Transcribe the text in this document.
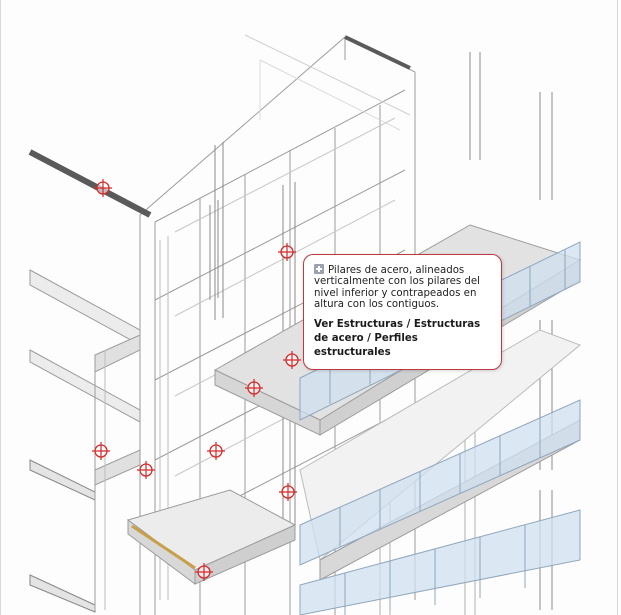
Pilares de acero, alineados verticalmente con los pilares del nivel inferior y contrapeados en altura con los contiguos.
Ver Estructuras / Estructuras de acero / Perfiles estructurales
